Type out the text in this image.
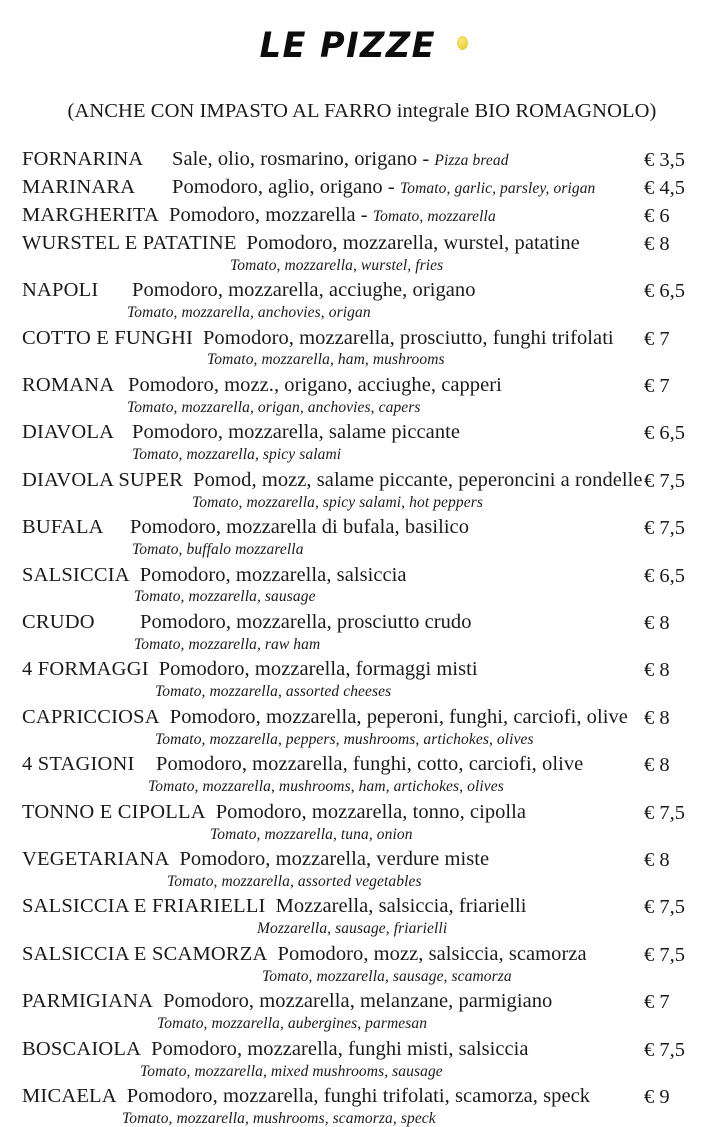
LE PIZZE
(ANCHE CON IMPASTO AL FARRO integrale BIO ROMAGNOLO)
FORNARINA	Sale, olio, rosmarino, origano - Pizza bread	€ 3,5
MARINARA	Pomodoro, aglio, origano - Tomato, garlic, parsley, origan	€ 4,5
MARGHERITA Pomodoro, mozzarella - Tomato, mozzarella	€ 6
WURSTEL E PATATINE Pomodoro, mozzarella, wurstel, patatine	€ 8
Tomato, mozzarella, wurstel, fries
NAPOLI	Pomodoro, mozzarella, acciughe, origano	€ 6,5
Tomato, mozzarella, anchovies, origan
COTTO E FUNGHI Pomodoro, mozzarella, prosciutto, funghi trifolati	€ 7
Tomato, mozzarella, ham, mushrooms
ROMANA Pomodoro, mozz., origano, acciughe, capperi	€ 7
Tomato, mozzarella, origan, anchovies, capers
DIAVOLA Pomodoro, mozzarella, salame piccante	€ 6,5
Tomato, mozzarella, spicy salami
DIAVOLA SUPER Pomod, mozz, salame piccante, peperoncini a rondelle € 7,5
Tomato, mozzarella, spicy salami, hot peppers
BUFALA	Pomodoro, mozzarella di bufala, basilico	€ 7,5
Tomato, buffalo mozzarella
SALSICCIA Pomodoro, mozzarella, salsiccia	€ 6,5
Tomato, mozzarella, sausage
CRUDO	Pomodoro, mozzarella, prosciutto crudo	€ 8
Tomato, mozzarella, raw ham
4 FORMAGGI Pomodoro, mozzarella, formaggi misti	€ 8
Tomato, mozzarella, assorted cheeses
CAPRICCIOSA Pomodoro, mozzarella, peperoni, funghi, carciofi, olive € 8
Tomato, mozzarella, peppers, mushrooms, artichokes, olives
4 STAGIONI	Pomodoro, mozzarella, funghi, cotto, carciofi, olive	€ 8
Tomato, mozzarella, mushrooms, ham, artichokes, olives
TONNO E CIPOLLA Pomodoro, mozzarella, tonno, cipolla	€ 7,5
Tomato, mozzarella, tuna, onion
VEGETARIANA Pomodoro, mozzarella, verdure miste	€ 8
Tomato, mozzarella, assorted vegetables
SALSICCIA E FRIARIELLI Mozzarella, salsiccia, friarielli	€ 7,5
Mozzarella, sausage, friarielli
SALSICCIA E SCAMORZA Pomodoro, mozz, salsiccia, scamorza	€ 7,5
Tomato, mozzarella, sausage, scamorza
PARMIGIANA Pomodoro, mozzarella, melanzane, parmigiano	€ 7
Tomato, mozzarella, aubergines, parmesan
BOSCAIOLA Pomodoro, mozzarella, funghi misti, salsiccia	€ 7,5
Tomato, mozzarella, mixed mushrooms, sausage
MICAELA Pomodoro, mozzarella, funghi trifolati, scamorza, speck	€ 9
Tomato, mozzarella, mushrooms, scamorza, speck
